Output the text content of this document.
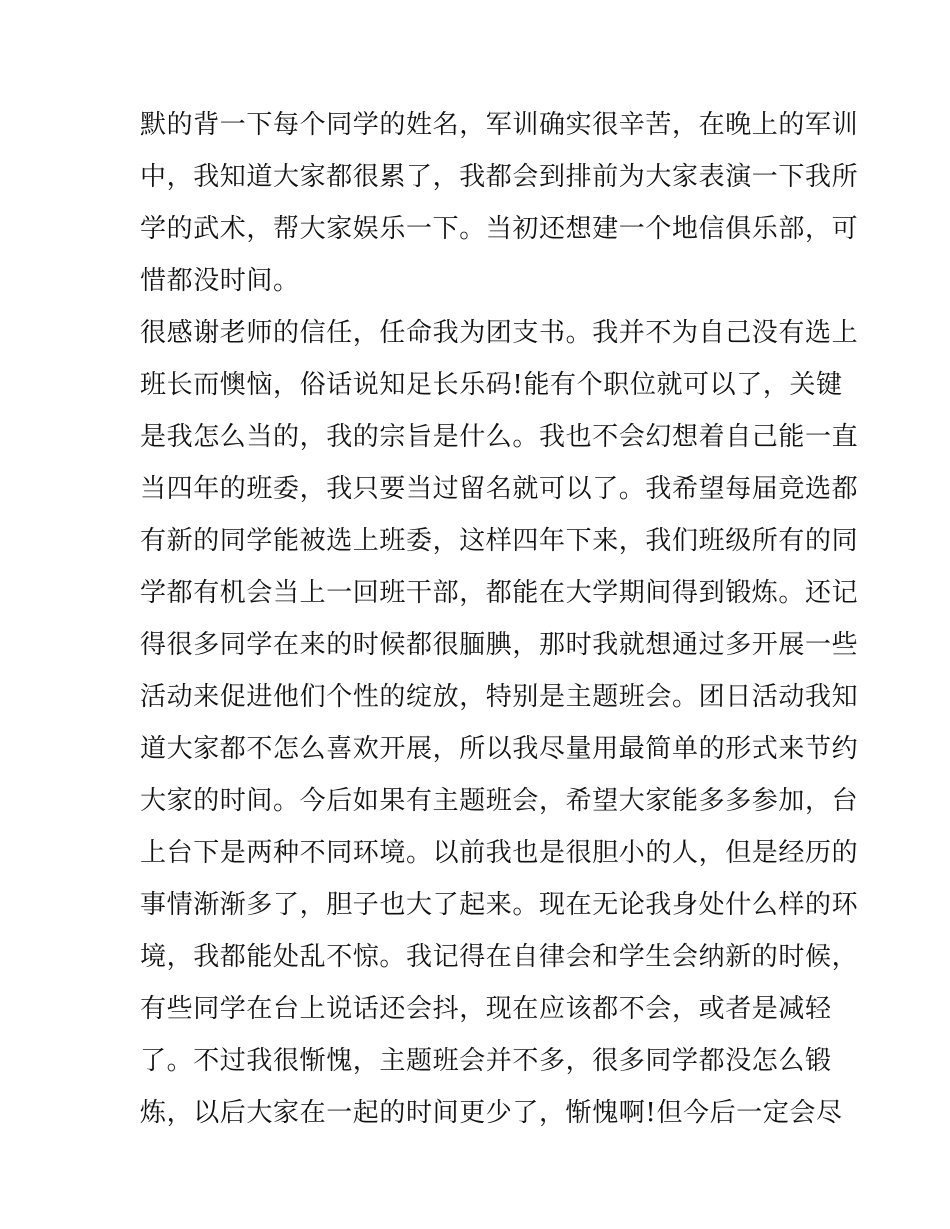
默的背一下每个同学的姓名，军训确实很辛苦，在晚上的军训
中，我知道大家都很累了，我都会到排前为大家表演一下我所
学的武术，帮大家娱乐一下。当初还想建一个地信俱乐部，可
惜都没时间。
很感谢老师的信任，任命我为团支书。我并不为自己没有选上
班长而懊恼，俗话说知足长乐码!能有个职位就可以了，关键
是我怎么当的，我的宗旨是什么。我也不会幻想着自己能一直
当四年的班委，我只要当过留名就可以了。我希望每届竞选都
有新的同学能被选上班委，这样四年下来，我们班级所有的同
学都有机会当上一回班干部，都能在大学期间得到锻炼。还记
得很多同学在来的时候都很腼腆，那时我就想通过多开展一些
活动来促进他们个性的绽放，特别是主题班会。团日活动我知
道大家都不怎么喜欢开展，所以我尽量用最简单的形式来节约
大家的时间。今后如果有主题班会，希望大家能多多参加，台
上台下是两种不同环境。以前我也是很胆小的人，但是经历的
事情渐渐多了，胆子也大了起来。现在无论我身处什么样的环
境，我都能处乱不惊。我记得在自律会和学生会纳新的时候，
有些同学在台上说话还会抖，现在应该都不会，或者是减轻
了。不过我很惭愧，主题班会并不多，很多同学都没怎么锻
炼，以后大家在一起的时间更少了，惭愧啊!但今后一定会尽
